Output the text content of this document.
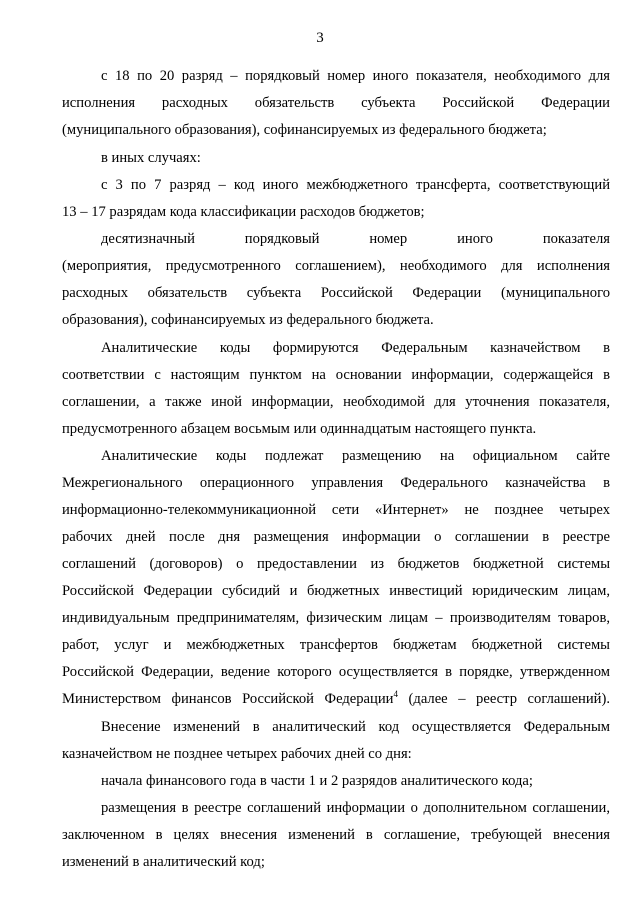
3
с 18 по 20 разряд – порядковый номер иного показателя, необходимого для
исполнения расходных обязательств субъекта Российской Федерации
(муниципального образования), софинансируемых из федерального бюджета;
в иных случаях:
с 3 по 7 разряд – код иного межбюджетного трансферта, соответствующий
13 – 17 разрядам кода классификации расходов бюджетов;
десятизначный порядковый номер иного показателя
(мероприятия, предусмотренного соглашением), необходимого для исполнения
расходных обязательств субъекта Российской Федерации (муниципального
образования), софинансируемых из федерального бюджета.
Аналитические коды формируются Федеральным казначейством в
соответствии с настоящим пунктом на основании информации, содержащейся в
соглашении, а также иной информации, необходимой для уточнения показателя,
предусмотренного абзацем восьмым или одиннадцатым настоящего пункта.
Аналитические коды подлежат размещению на официальном сайте
Межрегионального операционного управления Федерального казначейства в
информационно-телекоммуникационной сети «Интернет» не позднее четырех
рабочих дней после дня размещения информации о соглашении в реестре
соглашений (договоров) о предоставлении из бюджетов бюджетной системы
Российской Федерации субсидий и бюджетных инвестиций юридическим лицам,
индивидуальным предпринимателям, физическим лицам – производителям товаров,
работ, услуг и межбюджетных трансфертов бюджетам бюджетной системы
Российской Федерации, ведение которого осуществляется в порядке, утвержденном
Министерством финансов Российской Федерации$^4$ (далее – реестр соглашений).
Внесение изменений в аналитический код осуществляется Федеральным
казначейством не позднее четырех рабочих дней со дня:
начала финансового года в части 1 и 2 разрядов аналитического кода;
размещения в реестре соглашений информации о дополнительном соглашении,
заключенном в целях внесения изменений в соглашение, требующей внесения
изменений в аналитический код;
